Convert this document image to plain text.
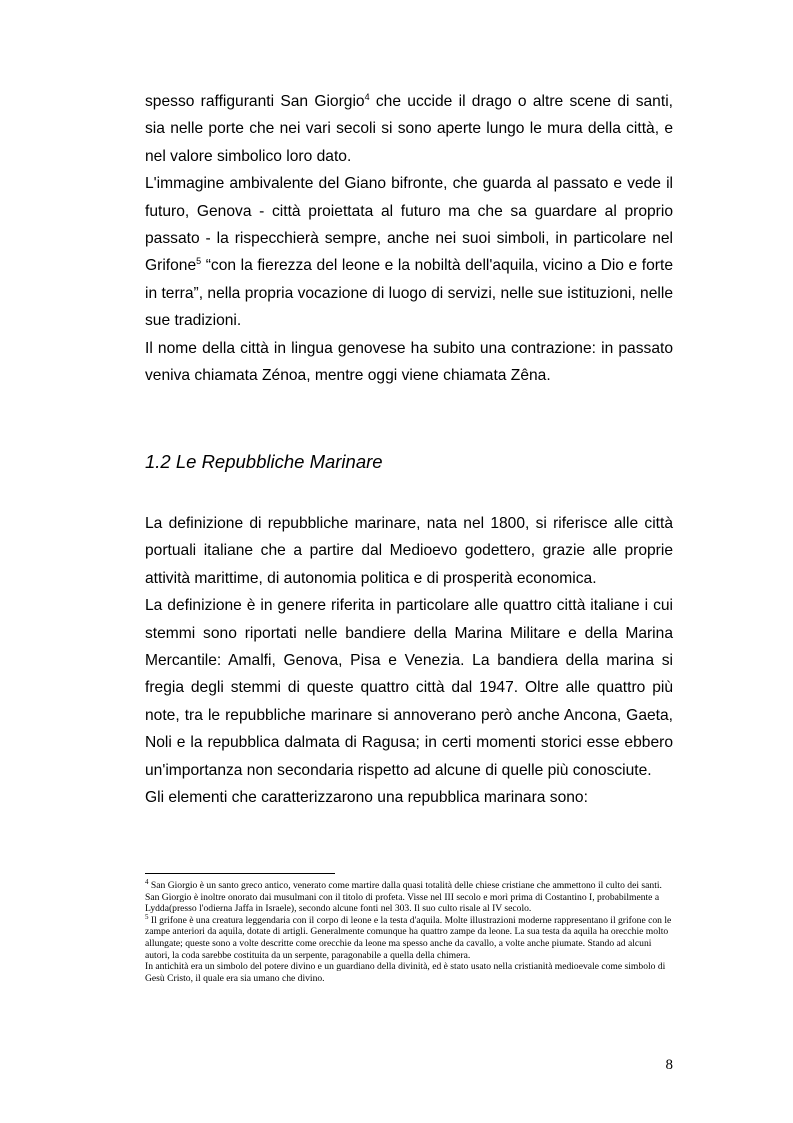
spesso raffiguranti San Giorgio$^4$ che uccide il drago o altre scene di santi, sia nelle porte che nei vari secoli si sono aperte lungo le mura della città, e nel valore simbolico loro dato.

L'immagine ambivalente del Giano bifronte, che guarda al passato e vede il futuro, Genova - città proiettata al futuro ma che sa guardare al proprio passato - la rispecchierà sempre, anche nei suoi simboli, in particolare nel Grifone$^5$ “con la fierezza del leone e la nobiltà dell'aquila, vicino a Dio e forte in terra”, nella propria vocazione di luogo di servizi, nelle sue istituzioni, nelle sue tradizioni.

Il nome della città in lingua genovese ha subito una contrazione: in passato veniva chiamata Zénoa, mentre oggi viene chiamata Zêna.

1.2 Le Repubbliche Marinare

La definizione di repubbliche marinare, nata nel 1800, si riferisce alle città portuali italiane che a partire dal Medioevo godettero, grazie alle proprie attività marittime, di autonomia politica e di prosperità economica.

La definizione è in genere riferita in particolare alle quattro città italiane i cui stemmi sono riportati nelle bandiere della Marina Militare e della Marina Mercantile: Amalfi, Genova, Pisa e Venezia. La bandiera della marina si fregia degli stemmi di queste quattro città dal 1947. Oltre alle quattro più note, tra le repubbliche marinare si annoverano però anche Ancona, Gaeta, Noli e la repubblica dalmata di Ragusa; in certi momenti storici esse ebbero un'importanza non secondaria rispetto ad alcune di quelle più conosciute.

Gli elementi che caratterizzarono una repubblica marinara sono:

$^4$ San Giorgio è un santo greco antico, venerato come martire dalla quasi totalità delle chiese cristiane che ammettono il culto dei santi.

San Giorgio è inoltre onorato dai musulmani con il titolo di profeta. Visse nel III secolo e morì prima di Costantino I, probabilmente a Lydda(presso l'odierna Jaffa in Israele), secondo alcune fonti nel 303. Il suo culto risale al IV secolo.

$^5$ Il grifone è una creatura leggendaria con il corpo di leone e la testa d'aquila. Molte illustrazioni moderne rappresentano il grifone con le zampe anteriori da aquila, dotate di artigli. Generalmente comunque ha quattro zampe da leone. La sua testa da aquila ha orecchie molto allungate; queste sono a volte descritte come orecchie da leone ma spesso anche da cavallo, a volte anche piumate. Stando ad alcuni autori, la coda sarebbe costituita da un serpente, paragonabile a quella della chimera.

In antichità era un simbolo del potere divino e un guardiano della divinità, ed è stato usato nella cristianità medioevale come simbolo di Gesù Cristo, il quale era sia umano che divino.

8
